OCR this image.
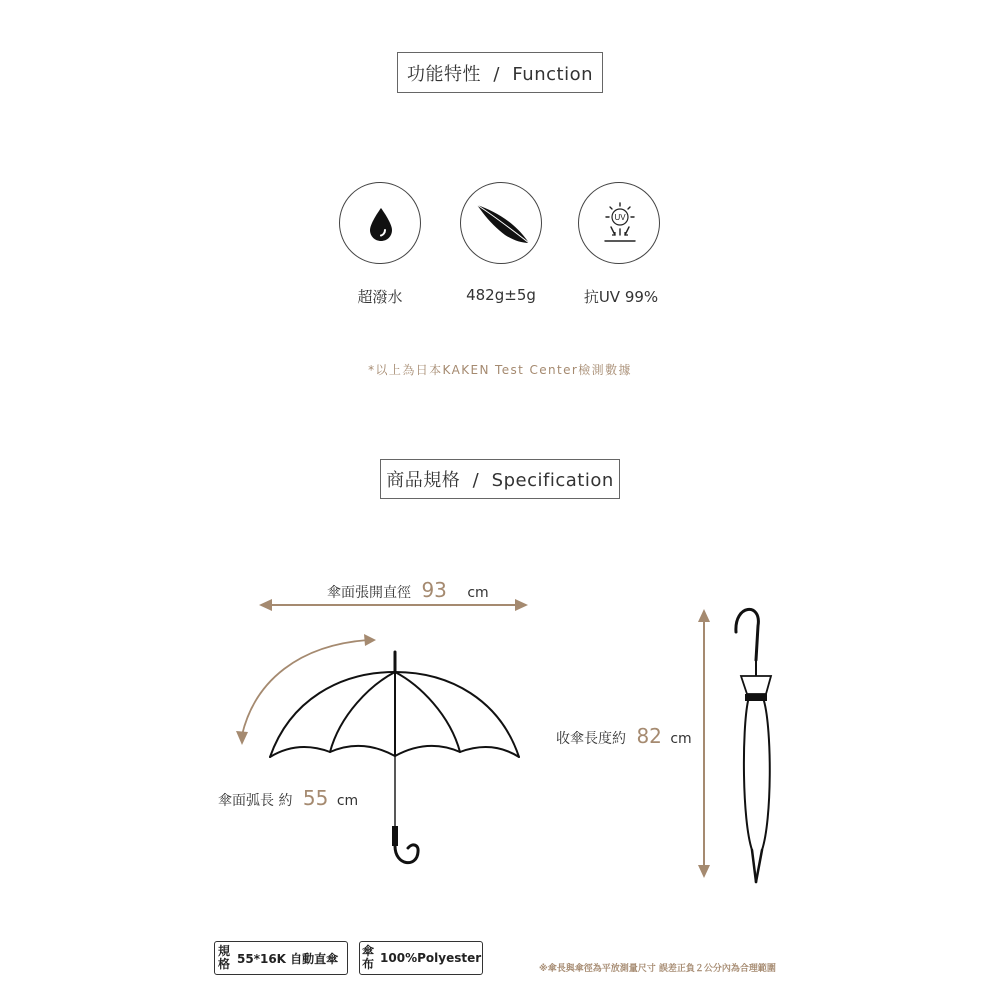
功能特性  /  Function
UV
超潑水	482g±5g	抗UV 99%
*以上為日本KAKEN Test Center檢測數據
商品規格  /  Specification
傘面張開直徑 93 cm
傘面弧長 約 55 cm
收傘長度約 82 cm
規
格 55*16K 自動直傘
傘
布 100%Polyester
※傘長與傘徑為平放測量尺寸 誤差正負２公分內為合理範圍
